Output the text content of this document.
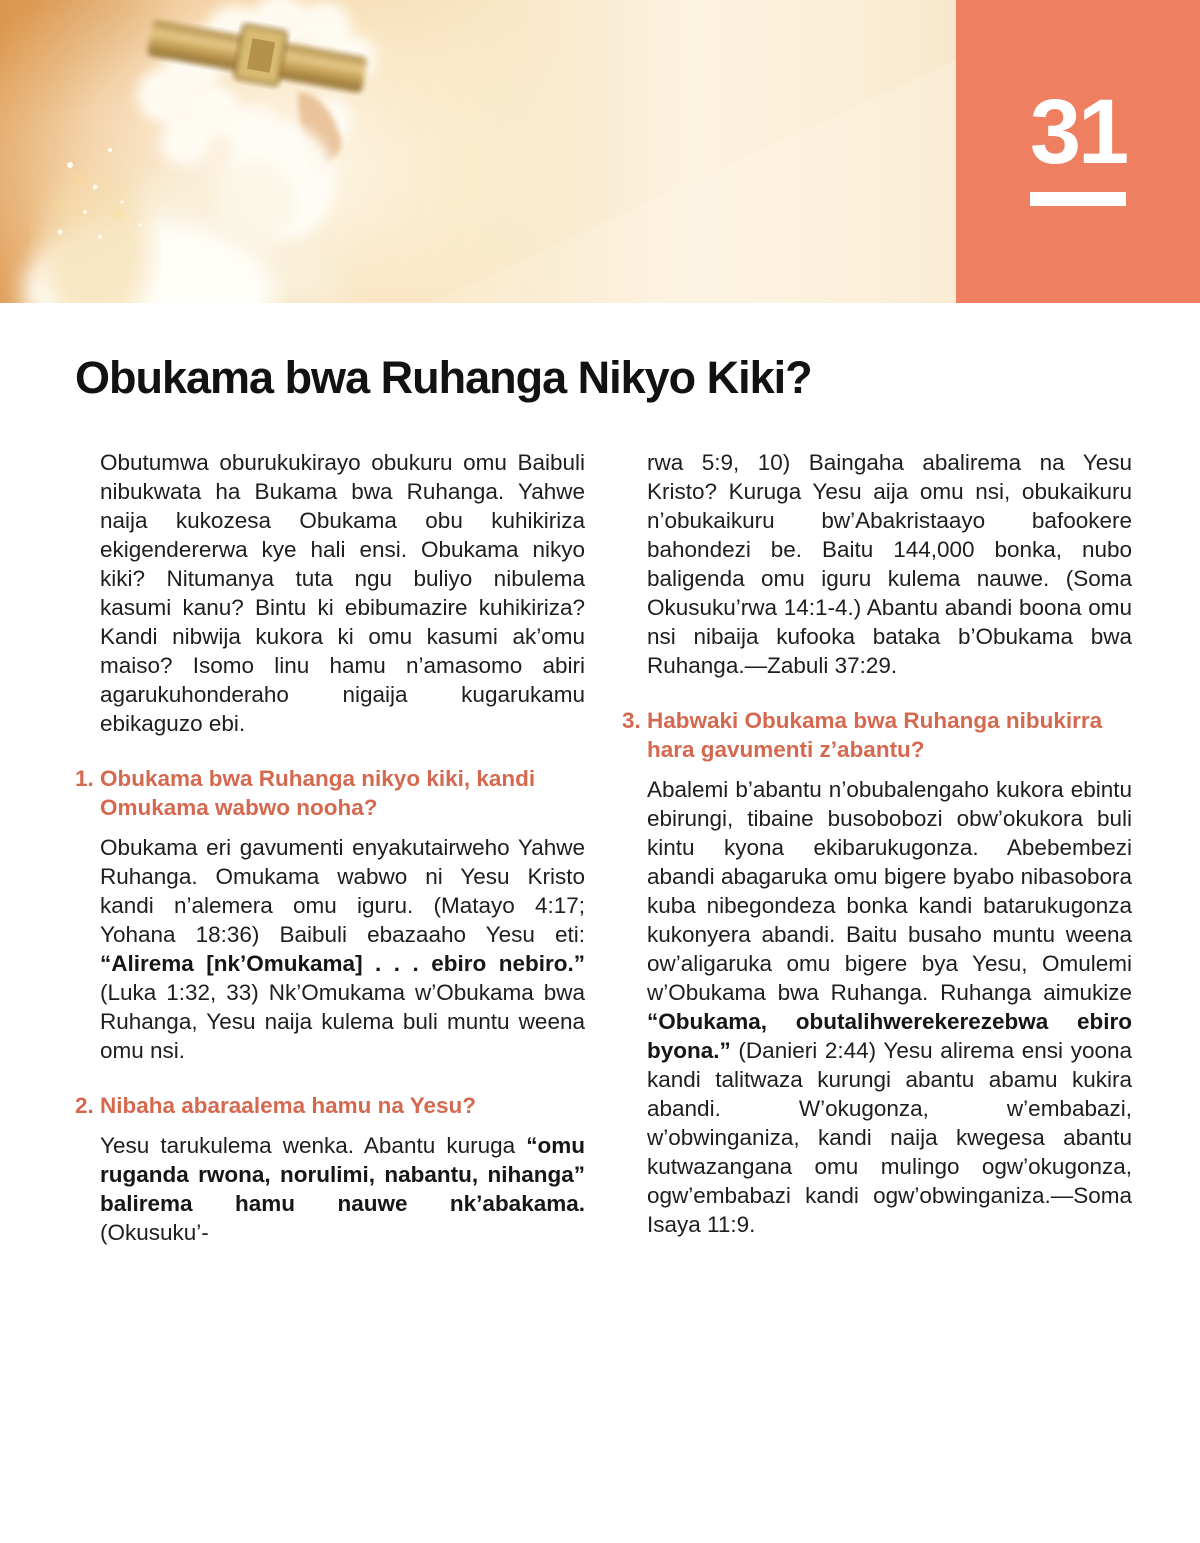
31
Obukama bwa Ruhanga Nikyo Kiki?

Obutumwa oburukukirayo obukuru omu Baibuli nibukwata ha Bukama bwa Ruhanga. Yahwe naija kukozesa Obukama obu kuhikiriza ekigendererwa kye hali ensi. Obukama nikyo kiki? Nitumanya tuta ngu buliyo nibulema kasumi kanu? Bintu ki ebibumazire kuhikiriza? Kandi nibwija kukora ki omu kasumi ak’omu maiso? Isomo linu hamu n’amasomo abiri agarukuhonderaho nigaija kugarukamu ebikaguzo ebi.

1. Obukama bwa Ruhanga nikyo kiki, kandi Omukama wabwo nooha?

Obukama eri gavumenti enyakutairweho Yahwe Ruhanga. Omukama wabwo ni Yesu Kristo kandi n’alemera omu iguru. (Matayo 4:17; Yohana 18:36) Baibuli ebazaaho Yesu eti: “Alirema [nk’Omukama] . . . ebiro nebiro.” (Luka 1:32, 33) Nk’Omukama w’Obukama bwa Ruhanga, Yesu naija kulema buli muntu weena omu nsi.

2. Nibaha abaraalema hamu na Yesu?

Yesu tarukulema wenka. Abantu kuruga “omu ruganda rwona, norulimi, nabantu, nihanga” balirema hamu nauwe nk’abakama. (Okusuku’-

rwa 5:9, 10) Baingaha abalirema na Yesu Kristo? Kuruga Yesu aija omu nsi, obukaikuru n’obukaikuru bw’Abakristaayo bafookere bahondezi be. Baitu 144,000 bonka, nubo baligenda omu iguru kulema nauwe. (Soma Okusuku’rwa 14:1-4.) Abantu abandi boona omu nsi nibaija kufooka bataka b’Obukama bwa Ruhanga.—Zabuli 37:29.

3. Habwaki Obukama bwa Ruhanga nibukirra hara gavumenti z’abantu?

Abalemi b’abantu n’obubalengaho kukora ebintu ebirungi, tibaine busobobozi obw’okukora buli kintu kyona ekibarukugonza. Abebembezi abandi abagaruka omu bigere byabo nibasobora kuba nibegondeza bonka kandi batarukugonza kukonyera abandi. Baitu busaho muntu weena ow’aligaruka omu bigere bya Yesu, Omulemi w’Obukama bwa Ruhanga. Ruhanga aimukize “Obukama, obutalihwerekerezebwa ebiro byona.” (Danieri 2:44) Yesu alirema ensi yoona kandi talitwaza kurungi abantu abamu kukira abandi. W’okugonza, w’embabazi, w’obwinganiza, kandi naija kwegesa abantu kutwazangana omu mulingo ogw’okugonza, ogw’embabazi kandi ogw’obwinganiza.—Soma Isaya 11:9.
